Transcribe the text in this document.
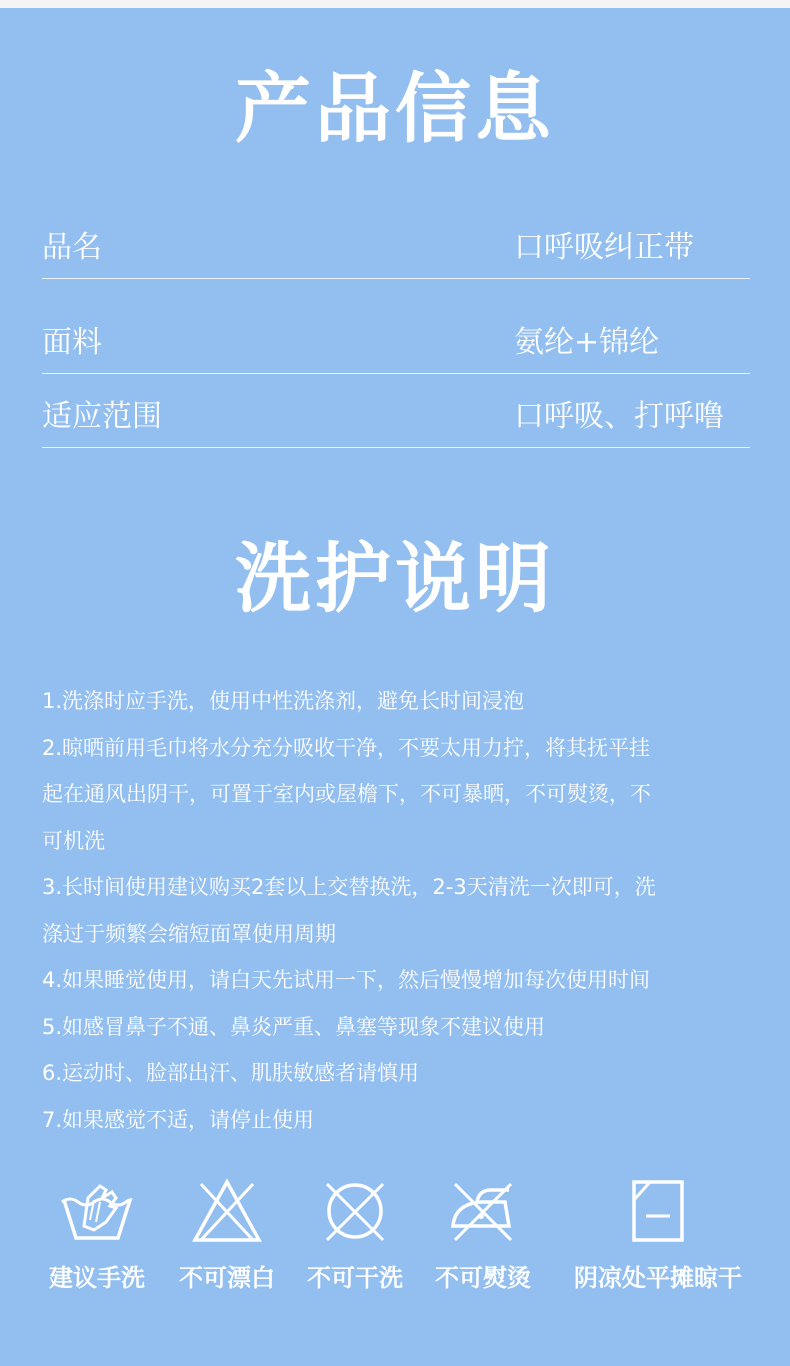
产品信息
品名	口呼吸纠正带
面料	氨纶+锦纶
适应范围	口呼吸、打呼噜
洗护说明

1.洗涤时应手洗，使用中性洗涤剂，避免长时间浸泡

2.晾晒前用毛巾将水分充分吸收干净，不要太用力拧，将其抚平挂

起在通风出阴干，可置于室内或屋檐下，不可暴晒，不可熨烫，不

可机洗

3.长时间使用建议购买2套以上交替换洗，2-3天清洗一次即可，洗

涤过于频繁会缩短面罩使用周期

4.如果睡觉使用，请白天先试用一下，然后慢慢增加每次使用时间

5.如感冒鼻子不通、鼻炎严重、鼻塞等现象不建议使用

6.运动时、脸部出汗、肌肤敏感者请慎用

7.如果感觉不适，请停止使用

建议手洗	不可漂白	不可干洗	不可熨烫	阴凉处平摊晾干
